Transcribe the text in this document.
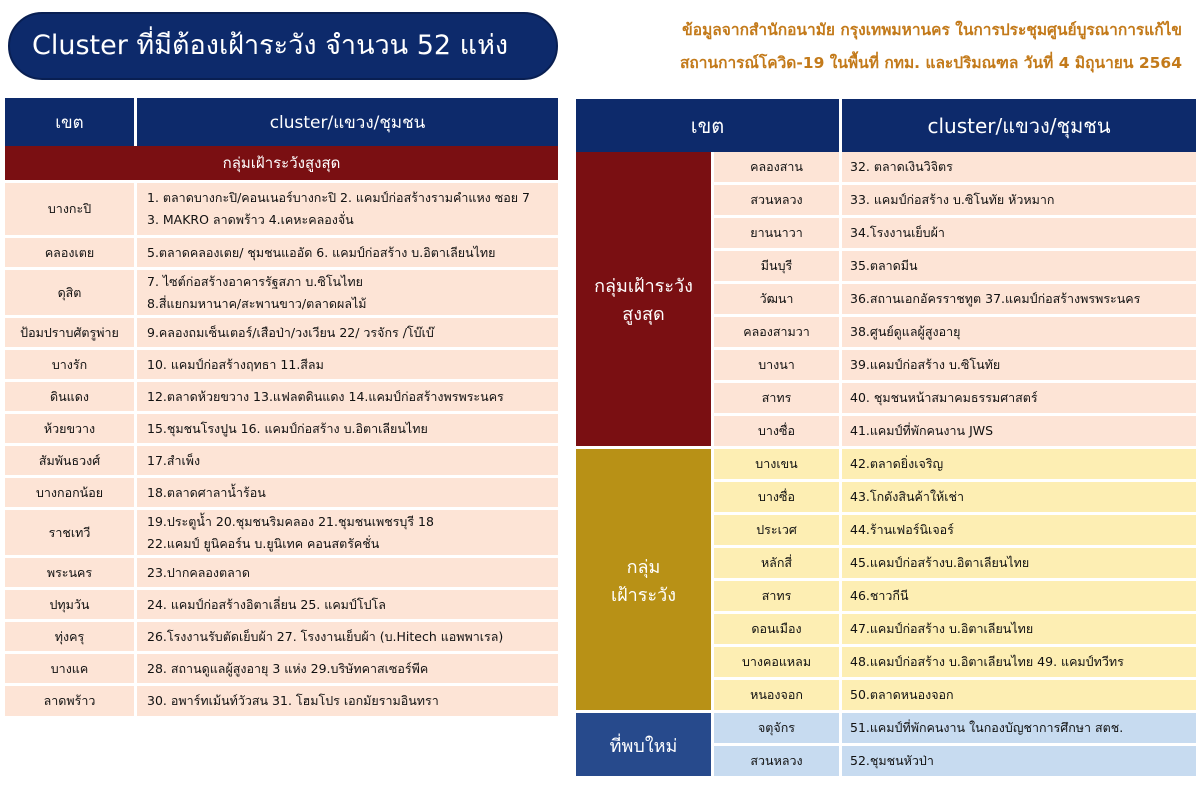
Cluster ที่มีต้องเฝ้าระวัง จำนวน 52 แห่ง	ข้อมูลจากสำนักอนามัย กรุงเทพมหานคร ในการประชุมศูนย์บูรณาการแก้ไข
สถานการณ์โควิด-19 ในพื้นที่ กทม. และปริมณฑล วันที่ 4 มิถุนายน 2564
เขต	cluster/แขวง/ชุมชน
กลุ่มเฝ้าระวังสูงสุด	
บางกะปิ	1. ตลาดบางกะปิ/คอนเนอร์บางกะปิ 2. แคมป์ก่อสร้างรามคำแหง ซอย 7
3. MAKRO ลาดพร้าว 4.เคหะคลองจั่น
คลองเตย	5.ตลาดคลองเตย/ ชุมชนแออัด 6. แคมป์ก่อสร้าง บ.อิตาเลียนไทย
ดุสิต	7. ไซต์ก่อสร้างอาคารรัฐสภา บ.ซิโนไทย
8.สี่แยกมหานาค/สะพานขาว/ตลาดผลไม้
ป้อมปราบศัตรูพ่าย	9.คลองถมเซ็นเตอร์/เสือป่า/วงเวียน 22/ วรจักร /โบ๊เบ๊
บางรัก	10. แคมป์ก่อสร้างฤทธา 11.สีลม
ดินแดง	12.ตลาดห้วยขวาง 13.แฟลตดินแดง 14.แคมป์ก่อสร้างพรพระนคร
ห้วยขวาง	15.ชุมชนโรงปูน 16. แคมป์ก่อสร้าง บ.อิตาเลียนไทย
สัมพันธวงศ์	17.สำเพ็ง
บางกอกน้อย	18.ตลาดศาลาน้ำร้อน
ราชเทวี	19.ประตูน้ำ 20.ชุมชนริมคลอง 21.ชุมชนเพชรบุรี 18
22.แคมป์ ยูนิคอร์น บ.ยูนิเทค คอนสตรัคชั่น
พระนคร	23.ปากคลองตลาด
ปทุมวัน	24. แคมป์ก่อสร้างอิตาเลี่ยน 25. แคมป์โปโล
ทุ่งครุ	26.โรงงานรับตัดเย็บผ้า 27. โรงงานเย็บผ้า (บ.Hitech แอพพาเรล)
บางแค	28. สถานดูแลผู้สูงอายุ 3 แห่ง 29.บริษัทคาสเซอร์พีค
ลาดพร้าว	30. อพาร์ทเม้นท์วัวสน 31. โฮมโปร เอกมัยรามอินทรา
เขต		cluster/แขวง/ชุมชน
กลุ่มเฝ้าระวัง
สูงสุด	คลองสาน	32. ตลาดเงินวิจิตร
	สวนหลวง	33. แคมป์ก่อสร้าง บ.ซิโนทัย หัวหมาก
	ยานนาวา	34.โรงงานเย็บผ้า
	มีนบุรี	35.ตลาดมีน
	วัฒนา	36.สถานเอกอัครราชทูต 37.แคมป์ก่อสร้างพรพระนคร
	คลองสามวา	38.ศูนย์ดูแลผู้สูงอายุ
	บางนา	39.แคมป์ก่อสร้าง บ.ซิโนทัย
	สาทร	40. ชุมชนหน้าสมาคมธรรมศาสตร์
	บางซื่อ	41.แคมป์ที่พักคนงาน JWS
กลุ่ม
เฝ้าระวัง	บางเขน	42.ตลาดยิ่งเจริญ
	บางซื่อ	43.โกดังสินค้าให้เช่า
	ประเวศ	44.ร้านเฟอร์นิเจอร์
	หลักสี่	45.แคมป์ก่อสร้างบ.อิตาเลียนไทย
	สาทร	46.ชาวกีนี
	ดอนเมือง	47.แคมป์ก่อสร้าง บ.อิตาเลียนไทย
	บางคอแหลม	48.แคมป์ก่อสร้าง บ.อิตาเลียนไทย 49. แคมป์ทวีทร
	หนองจอก	50.ตลาดหนองจอก
ที่พบใหม่	จตุจักร	51.แคมป์ที่พักคนงาน ในกองบัญชาการศึกษา สตช.
	สวนหลวง	52.ชุมชนหัวป่า
